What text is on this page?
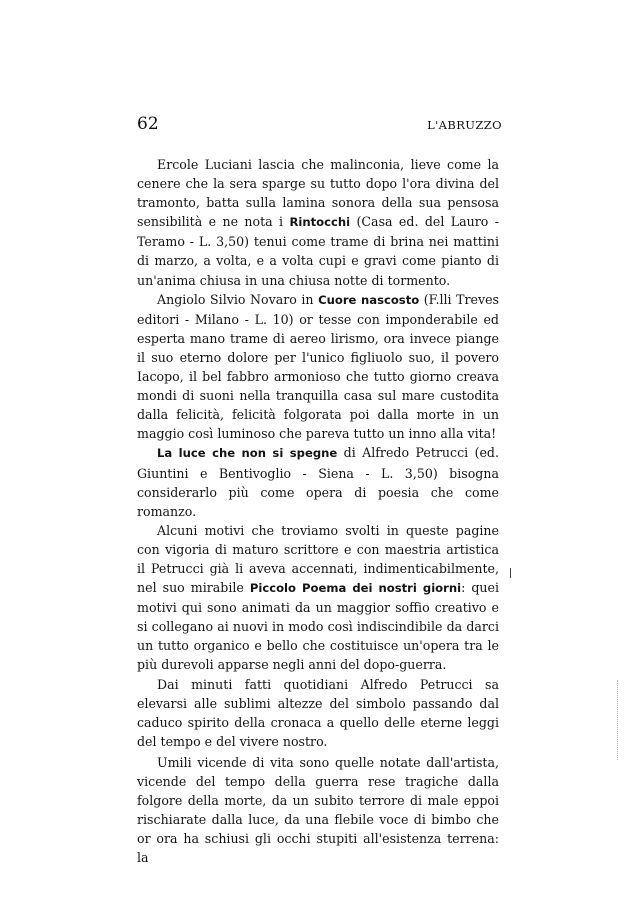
62	L'ABRUZZO

Ercole Luciani lascia che malinconia, lieve come la cenere che la sera sparge su tutto dopo l'ora divina del tramonto, batta sulla lamina sonora della sua pensosa sensibilità e ne nota i Rintocchi (Casa ed. del Lauro - Teramo - L. 3,50) tenui come trame di brina nei mattini di marzo, a volta, e a volta cupi e gravi come pianto di un'anima chiusa in una chiusa notte di tormento.

Angiolo Silvio Novaro in Cuore nascosto (F.lli Treves editori - Milano - L. 10) or tesse con imponderabile ed esperta mano trame di aereo lirismo, ora invece piange il suo eterno dolore per l'unico figliuolo suo, il povero Iacopo, il bel fabbro armonioso che tutto giorno creava mondi di suoni nella tranquilla casa sul mare custodita dalla felicità, felicità folgorata poi dalla morte in un maggio così luminoso che pareva tutto un inno alla vita!

La luce che non si spegne di Alfredo Petrucci (ed. Giuntini e Bentivoglio - Siena - L. 3,50) bisogna considerarlo più come opera di poesia che come romanzo.

Alcuni motivi che troviamo svolti in queste pagine con vigoria di maturo scrittore e con maestria artistica il Petrucci già li aveva accennati, indimenticabilmente, nel suo mirabile Piccolo Poema dei nostri giorni: quei motivi qui sono animati da un maggior soffio creativo e si collegano ai nuovi in modo così indiscindibile da darci un tutto organico e bello che costituisce un'opera tra le più durevoli apparse negli anni del dopo-guerra.

Dai minuti fatti quotidiani Alfredo Petrucci sa elevarsi alle sublimi altezze del simbolo passando dal caduco spirito della cronaca a quello delle eterne leggi del tempo e del vivere nostro.

Umili vicende di vita sono quelle notate dall'artista, vicende del tempo della guerra rese tragiche dalla folgore della morte, da un subito terrore di male eppoi rischiarate dalla luce, da una flebile voce di bimbo che or ora ha schiusi gli occhi stupiti all'esistenza terrena: la
